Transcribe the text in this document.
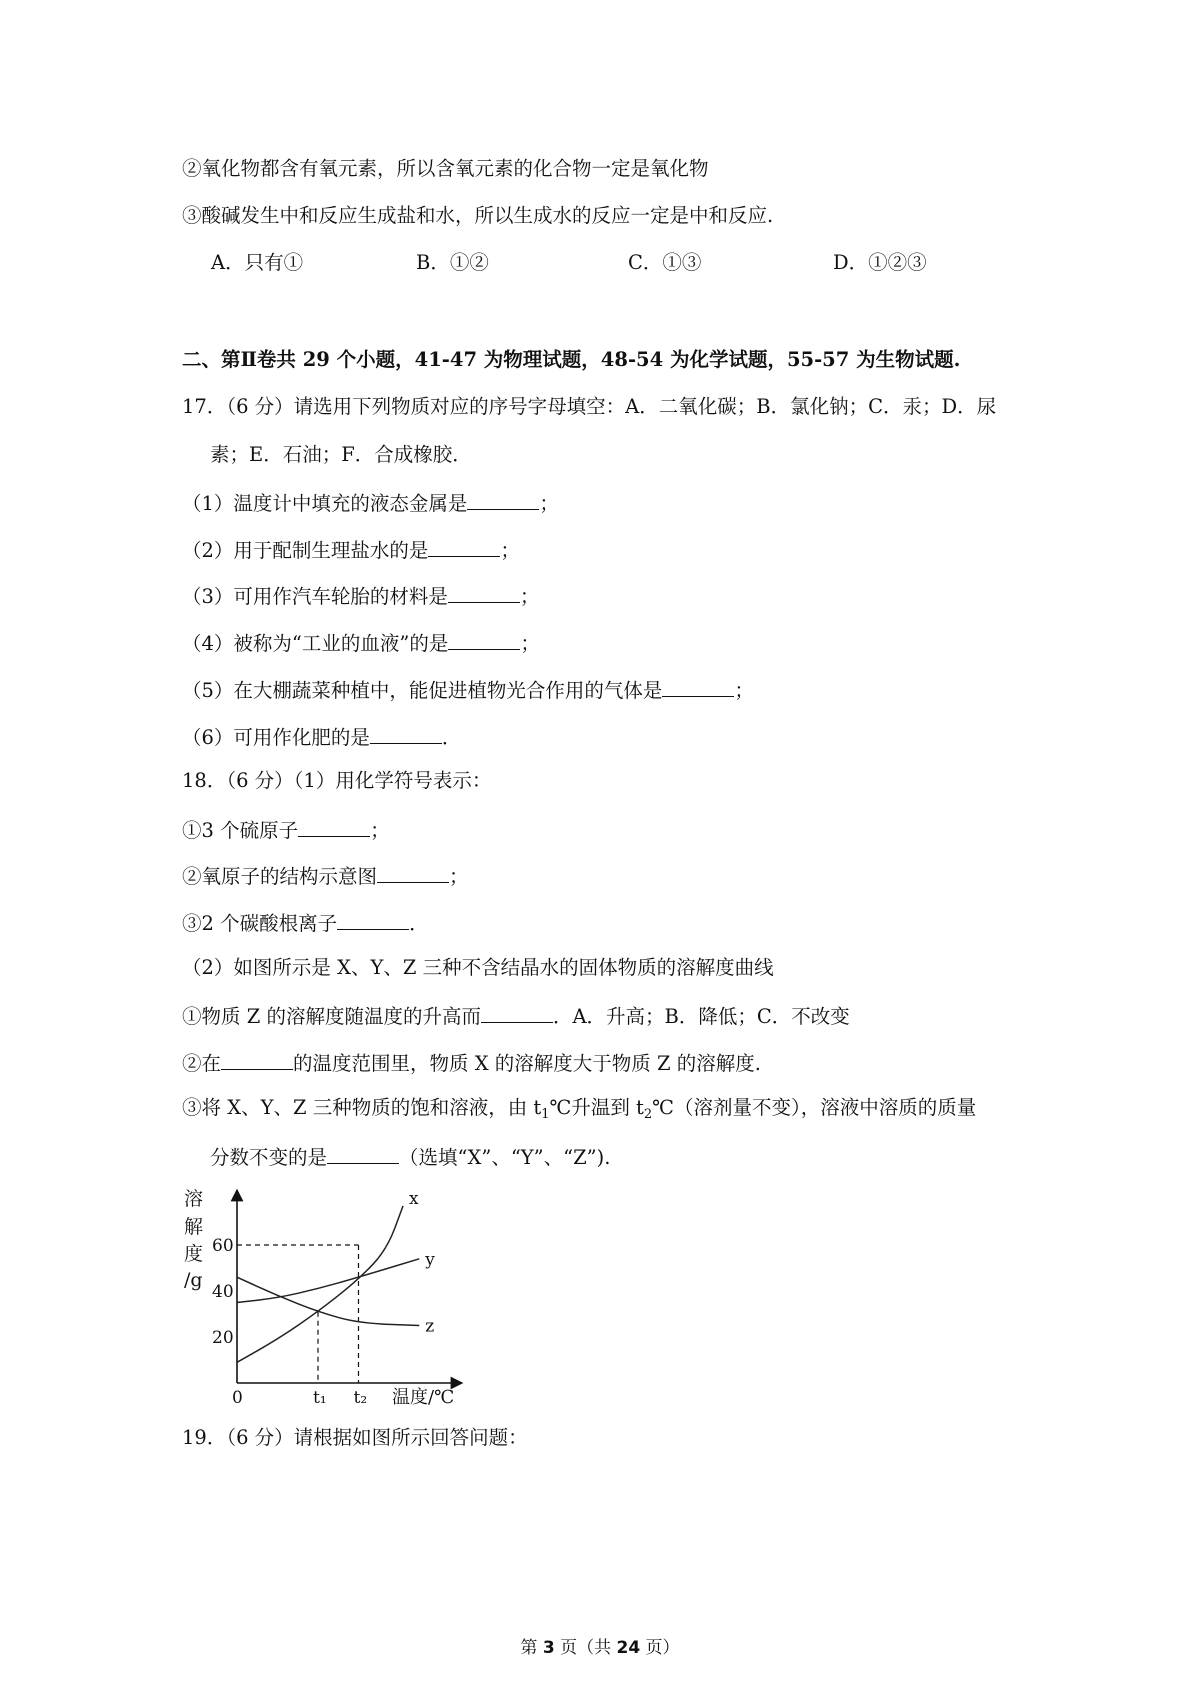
②氧化物都含有氧元素，所以含氧元素的化合物一定是氧化物
③酸碱发生中和反应生成盐和水，所以生成水的反应一定是中和反应.
A．只有①	B．①②	C．①③	D．①②③
二、第Ⅱ卷共 29 个小题，41-47 为物理试题，48-54 为化学试题，55-57 为生物试题.
17．（6 分）请选用下列物质对应的序号字母填空：A．二氧化碳；B．氯化钠；C．汞；D．尿
素；E．石油；F．合成橡胶．
（1）温度计中填充的液态金属是	；
（2）用于配制生理盐水的是	；
（3）可用作汽车轮胎的材料是	；
（4）被称为“工业的血液”的是	；
（5）在大棚蔬菜种植中，能促进植物光合作用的气体是	；
（6）可用作化肥的是	．
18．（6 分）（1）用化学符号表示：
①3 个硫原子	；
②氧原子的结构示意图	；
③2 个碳酸根离子	．
（2）如图所示是 X、Y、Z 三种不含结晶水的固体物质的溶解度曲线
①物质 Z 的溶解度随温度的升高而	．A．升高；B．降低；C．不改变
②在	的温度范围里，物质 X 的溶解度大于物质 Z 的溶解度.
③将 X、Y、Z 三种物质的饱和溶液，由 $t_1℃$升温到 $t_2℃$（溶剂量不变），溶液中溶质的质量
分数不变的是	（选填“X”、“Y”、“Z”).
溶
解
度
/g
60
40
20
0	t₁ t₂
x
y
z
温度/℃
19．（6 分）请根据如图所示回答问题：
第 3 页（共 24 页）
